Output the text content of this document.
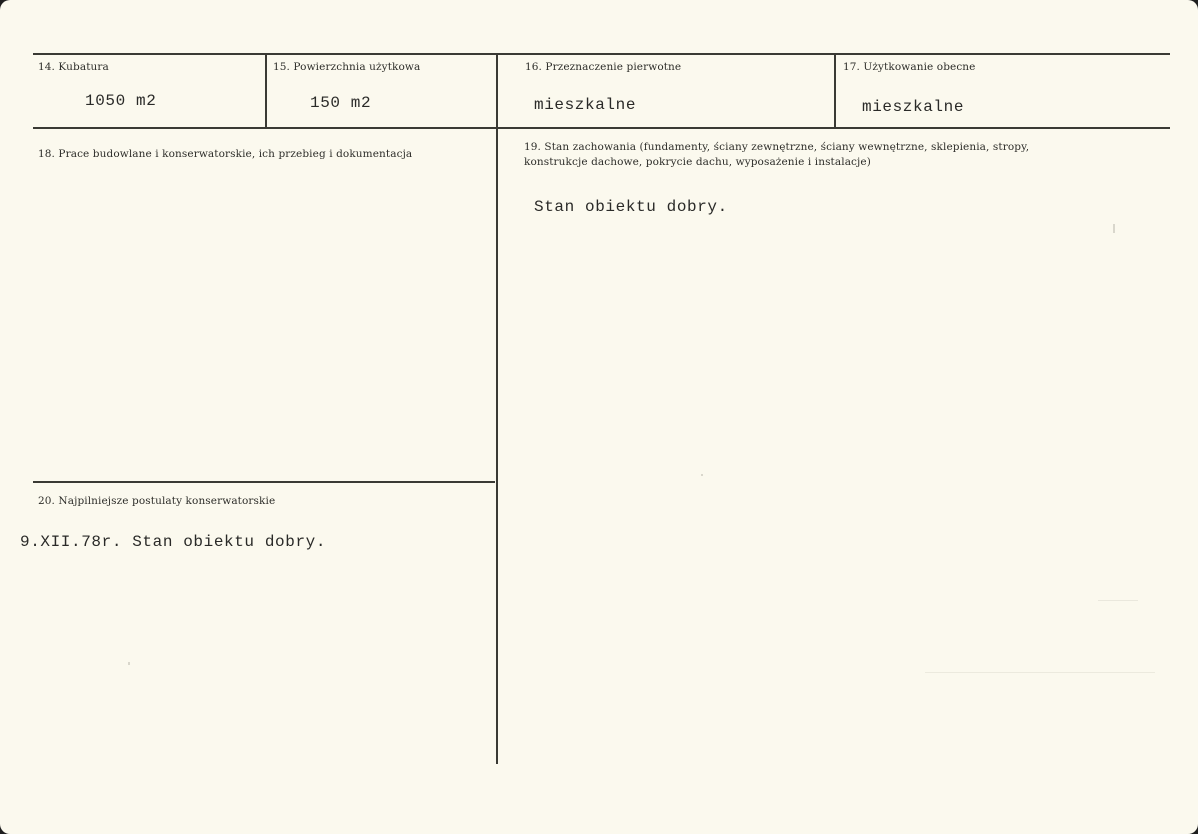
14. Kubatura
1050 m2
15. Powierzchnia użytkowa
150 m2
16. Przeznaczenie pierwotne
mieszkalne
17. Użytkowanie obecne
mieszkalne
18. Prace budowlane i konserwatorskie, ich przebieg i dokumentacja
19. Stan zachowania (fundamenty, ściany zewnętrzne, ściany wewnętrzne, sklepienia, stropy,
konstrukcje dachowe, pokrycie dachu, wyposażenie i instalacje)
Stan obiektu dobry.
20. Najpilniejsze postulaty konserwatorskie
9.XII.78r. Stan obiektu dobry.
